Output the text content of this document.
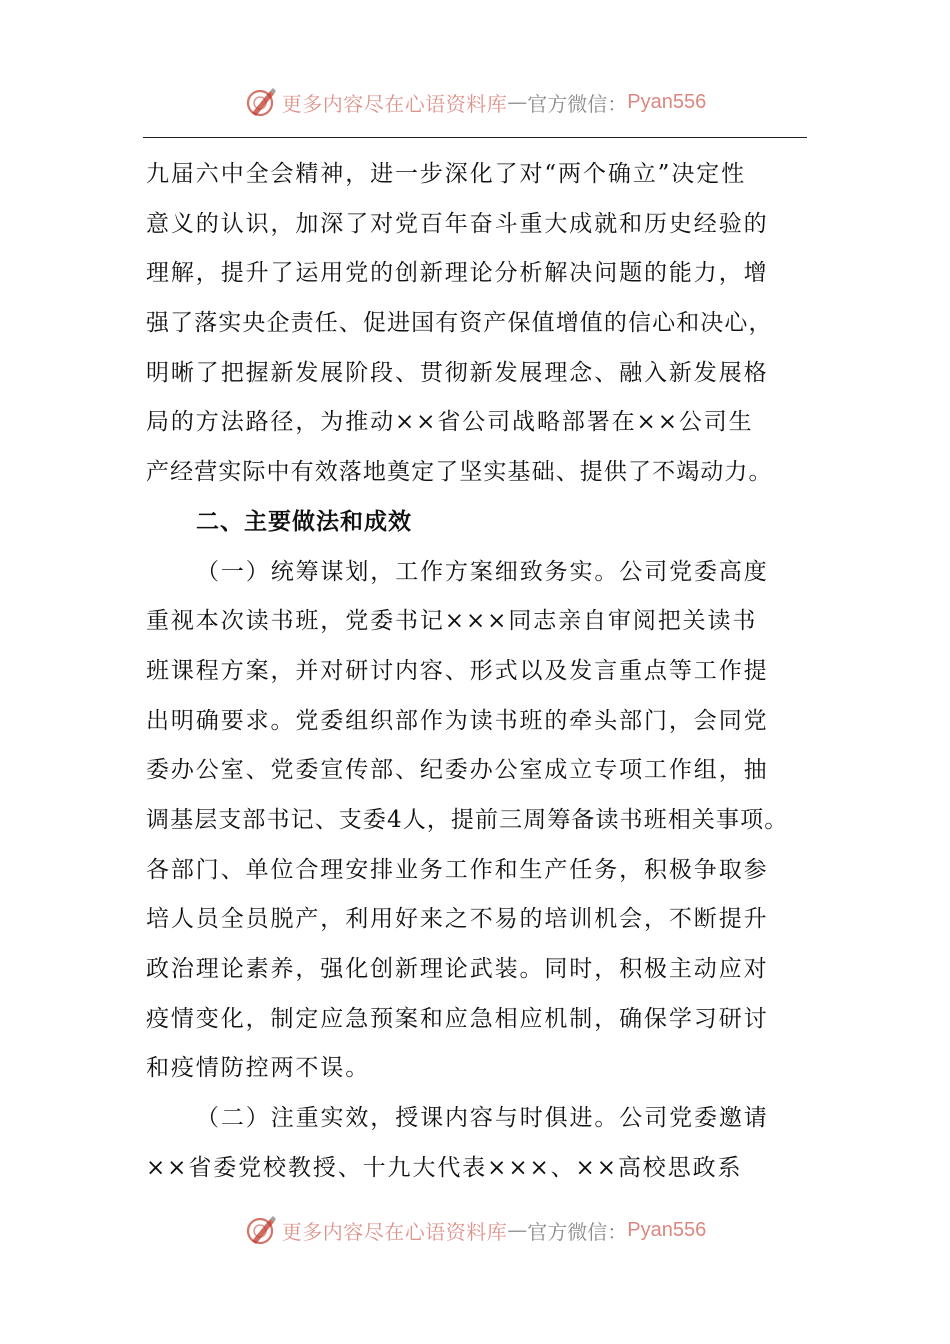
更多内容尽在心语资料库 — 官方微信： Pyan556
九届六中全会精神，进一步深化了对“两个确立”决定性
意义的认识，加深了对党百年奋斗重大成就和历史经验的
理解，提升了运用党的创新理论分析解决问题的能力，增
强了落实央企责任、促进国有资产保值增值的信心和决心，
明晰了把握新发展阶段、贯彻新发展理念、融入新发展格
局的方法路径，为推动××省公司战略部署在××公司生
产经营实际中有效落地奠定了坚实基础、提供了不竭动力。
二、主要做法和成效
（一）统筹谋划，工作方案细致务实。公司党委高度
重视本次读书班，党委书记×××同志亲自审阅把关读书
班课程方案，并对研讨内容、形式以及发言重点等工作提
出明确要求。党委组织部作为读书班的牵头部门，会同党
委办公室、党委宣传部、纪委办公室成立专项工作组，抽
调基层支部书记、支委4人，提前三周筹备读书班相关事项。
各部门、单位合理安排业务工作和生产任务，积极争取参
培人员全员脱产，利用好来之不易的培训机会，不断提升
政治理论素养，强化创新理论武装。同时，积极主动应对
疫情变化，制定应急预案和应急相应机制，确保学习研讨
和疫情防控两不误。
（二）注重实效，授课内容与时俱进。公司党委邀请
××省委党校教授、十九大代表×××、××高校思政系
更多内容尽在心语资料库 — 官方微信： Pyan556
